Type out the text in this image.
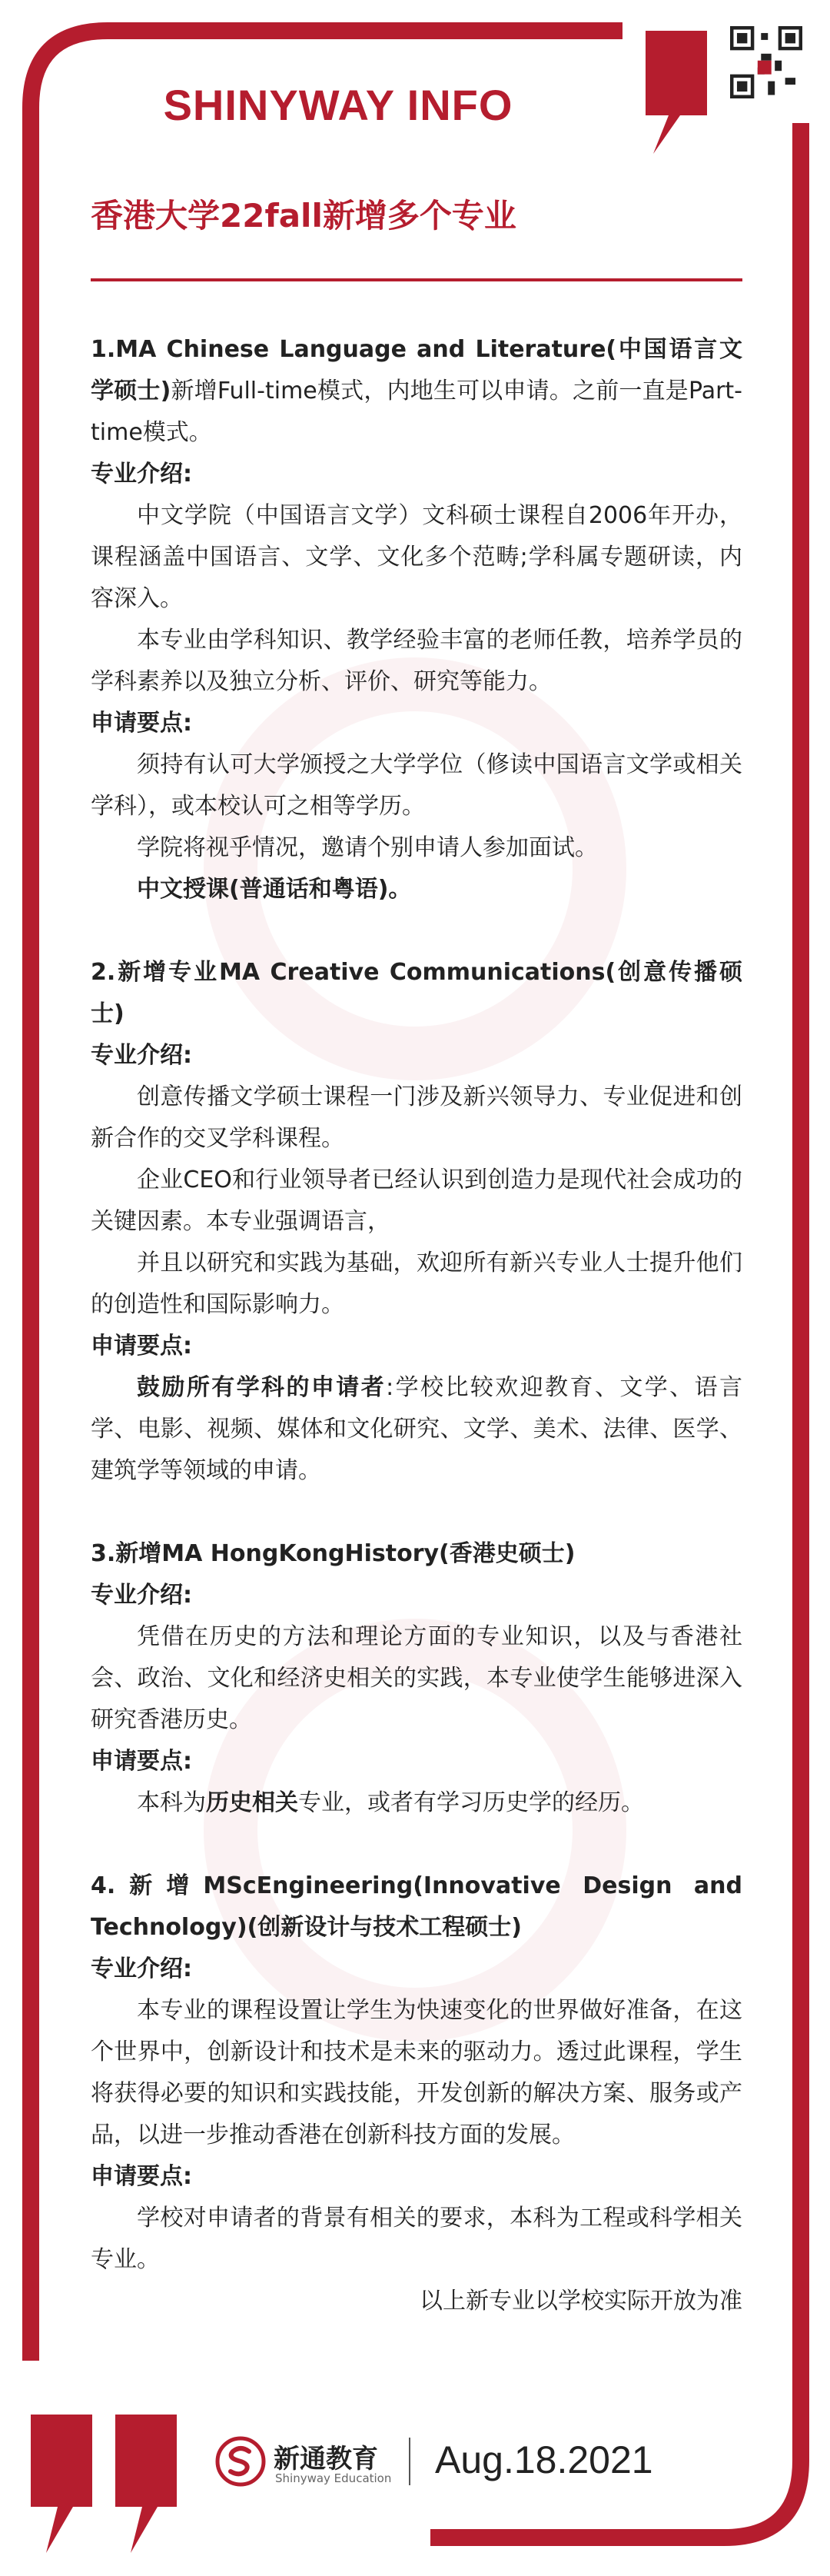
SHINYWAY INFO
香港大学22fall新增多个专业

1.MA Chinese Language and Literature(中国语言文学硕士)新增Full-time模式，内地生可以申请。之前一直是Part-time模式。

专业介绍:

中文学院（中国语言文学）文科硕士课程自2006年开办，课程涵盖中国语言、文学、文化多个范畴;学科属专题研读，内容深入。

本专业由学科知识、教学经验丰富的老师任教，培养学员的学科素养以及独立分析、评价、研究等能力。

申请要点:

须持有认可大学颁授之大学学位（修读中国语言文学或相关学科），或本校认可之相等学历。

学院将视乎情况，邀请个别申请人参加面试。

中文授课(普通话和粤语)。

2.新增专业MA Creative Communications(创意传播硕士)

专业介绍:

创意传播文学硕士课程一门涉及新兴领导力、专业促进和创新合作的交叉学科课程。

企业CEO和行业领导者已经认识到创造力是现代社会成功的关键因素。本专业强调语言，

并且以研究和实践为基础，欢迎所有新兴专业人士提升他们的创造性和国际影响力。

申请要点:

鼓励所有学科的申请者:学校比较欢迎教育、文学、语言学、电影、视频、媒体和文化研究、文学、美术、法律、医学、建筑学等领域的申请。

3.新增MA HongKongHistory(香港史硕士)

专业介绍:

凭借在历史的方法和理论方面的专业知识，以及与香港社会、政治、文化和经济史相关的实践，本专业使学生能够进深入研究香港历史。

申请要点:

本科为历史相关专业，或者有学习历史学的经历。

4.新增MScEngineering(Innovative Design and Technology)(创新设计与技术工程硕士)

专业介绍:

本专业的课程设置让学生为快速变化的世界做好准备，在这个世界中，创新设计和技术是未来的驱动力。透过此课程，学生将获得必要的知识和实践技能，开发创新的解决方案、服务或产品，以进一步推动香港在创新科技方面的发展。

申请要点:

学校对申请者的背景有相关的要求，本科为工程或科学相关专业。

以上新专业以学校实际开放为准

新通教育
Shinyway Education Aug.18.2021
